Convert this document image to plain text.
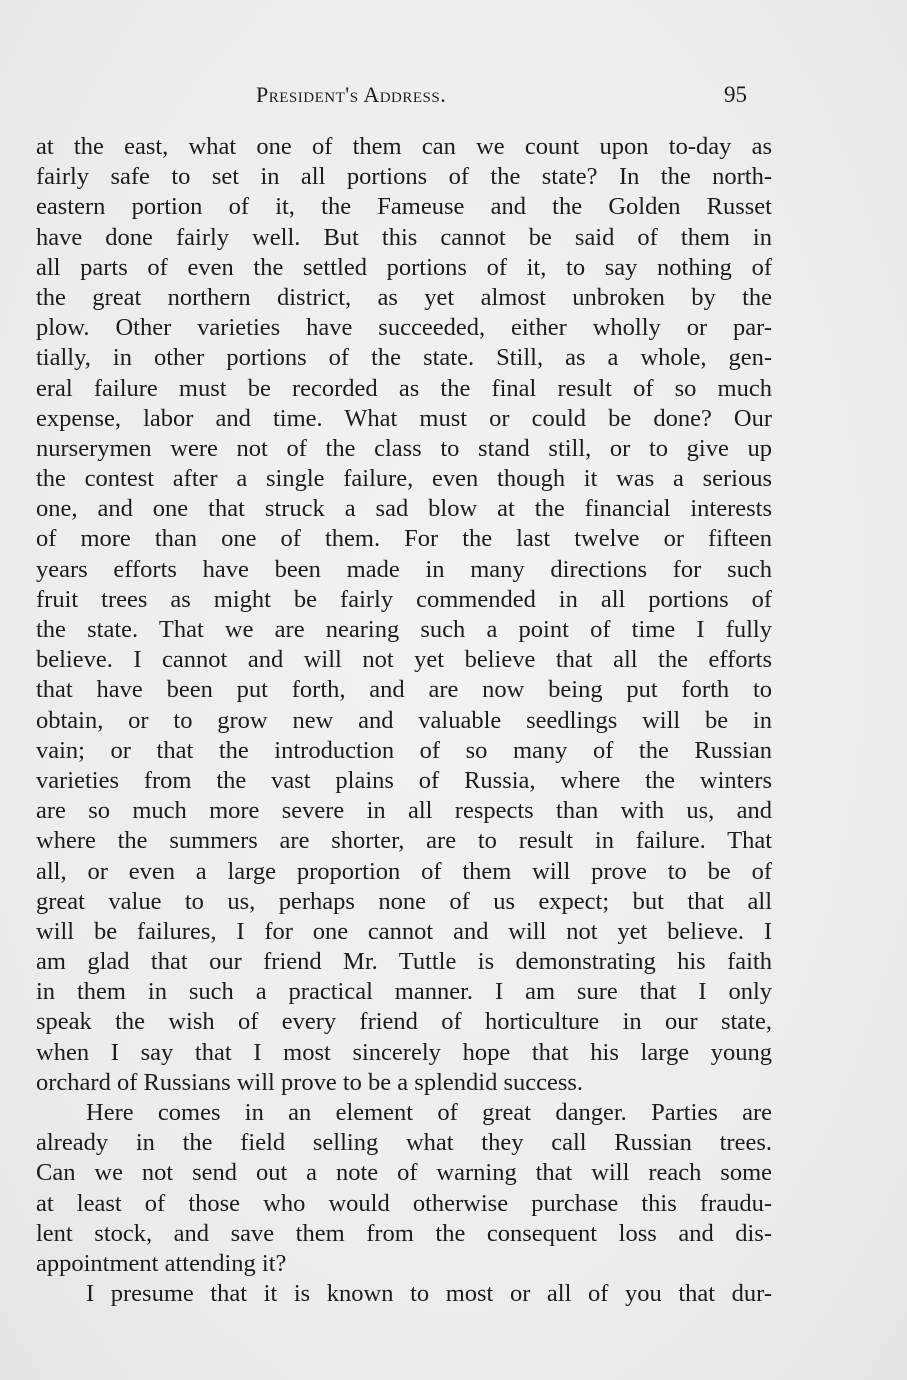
President's Address.	95
at the east, what one of them can we count upon to-day as
fairly safe to set in all portions of the state? In the north-
eastern portion of it, the Fameuse and the Golden Russet
have done fairly well. But this cannot be said of them in
all parts of even the settled portions of it, to say nothing of
the great northern district, as yet almost unbroken by the
plow. Other varieties have succeeded, either wholly or par-
tially, in other portions of the state. Still, as a whole, gen-
eral failure must be recorded as the final result of so much
expense, labor and time. What must or could be done? Our
nurserymen were not of the class to stand still, or to give up
the contest after a single failure, even though it was a serious
one, and one that struck a sad blow at the financial interests
of more than one of them. For the last twelve or fifteen
years efforts have been made in many directions for such
fruit trees as might be fairly commended in all portions of
the state. That we are nearing such a point of time I fully
believe. I cannot and will not yet believe that all the efforts
that have been put forth, and are now being put forth to
obtain, or to grow new and valuable seedlings will be in
vain; or that the introduction of so many of the Russian
varieties from the vast plains of Russia, where the winters
are so much more severe in all respects than with us, and
where the summers are shorter, are to result in failure. That
all, or even a large proportion of them will prove to be of
great value to us, perhaps none of us expect; but that all
will be failures, I for one cannot and will not yet believe. I
am glad that our friend Mr. Tuttle is demonstrating his faith
in them in such a practical manner. I am sure that I only
speak the wish of every friend of horticulture in our state,
when I say that I most sincerely hope that his large young
orchard of Russians will prove to be a splendid success.
Here comes in an element of great danger. Parties are
already in the field selling what they call Russian trees.
Can we not send out a note of warning that will reach some
at least of those who would otherwise purchase this fraudu-
lent stock, and save them from the consequent loss and dis-
appointment attending it?
I presume that it is known to most or all of you that dur-
